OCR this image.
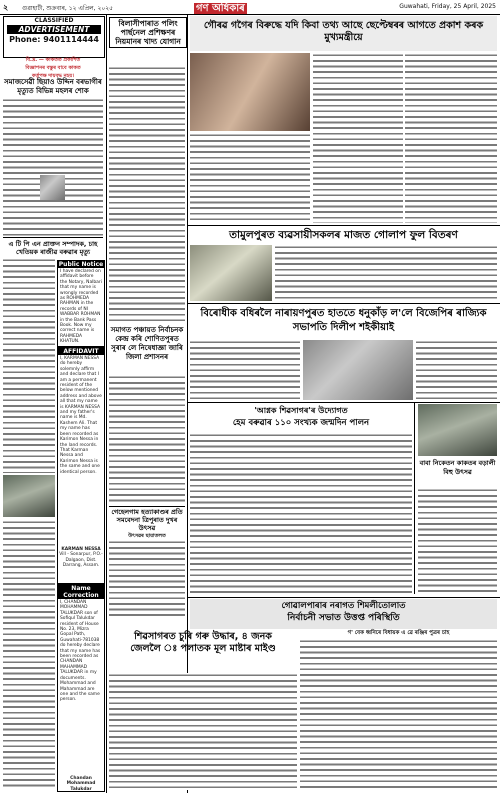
২ গুৱাহাটী, শুক্ৰবাৰ, ১২ এপ্ৰিল, ২০২৫	গণ অধিকাৰ	Guwahati, Friday, 25 April, 2025
CLASSIFIED
ADVERTISEMENT
Phone: 9401114444
বি.দ্ৰ. — কাকতত প্ৰকাশিত
বিজ্ঞাপনৰ বস্তুৰ বাবে কাকত
কৰ্তৃপক্ষ দায়বদ্ধ নহয়।
সমাজসেৱী ছিয়াও উদ্দিন বৰভাগীৰ মৃত্যুত বিভিন্ন মহলৰ শোক
এ টি পি এন প্ৰাক্তন সম্পাদক, চাহ খেতিয়ক ৰাজীৱ বৰুৱাৰ মৃত্যু
Public Notice
I have declared on affidavit before the Notary, Nalbari that my name is wrongly recorded as ROHMEDA RAHMAN in the records of NI WABBAR ROHMAN in the Bank Pass Book. Now my correct name is RAHMEDA KHATUN.
AFFIDAVIT
I, KARMAN NESSA do hereby solemnly affirm and declare that I am a permanent resident of the below mentioned address and above all that my name is KARMAN NESSA and my father's name is Md. Kashem Ali. That my name has been recorded as Karimon Nessa in the land records. That Karman Nessa and Karimon Nessa is the same and one identical person.
KARMAN NESSA
Vill - Sonarpur, P.O.- Dalgaon, Dist. Darrang, Assam.
Name Correction
I, CHANDAN MOHAMMAD TALUKDAR son of Sofiqul Talukdar resident of House No. 23, Mizra Gopal Path, Guwahati-781038 do hereby declare that my name has been recorded as CHANDAN MAHAMMAD TALUKDAR in my documents. Mohammad and Mahammad are one and the same person.
Chandan Mohammad Talukdar
বিলাসীপাৰাত পলিং পাৰ্ছনেল প্ৰশিক্ষণৰ নিয়মানৰ খাদ্য যোগান
সমাগত পঞ্চায়ত নিৰ্বাচনক কেন্দ্ৰ কৰি শোণিতপুৰত সুৰাৰ লে নিষেধাজ্ঞা জাৰি জিলা প্ৰশাসনৰ
গেহেলগাম হত্যাকাণ্ডৰ প্ৰতি সমবেদনা ত্ৰিপুৰাত দুখৰ উৎসৱ
উৎসৱৰ ছায়াতলত
গৌৰৱ গগৈৰ বিৰুদ্ধে যদি কিবা তথ্য আছে ছেপ্টেম্বৰৰ আগতে প্ৰকাশ কৰক মুখ্যমন্ত্ৰীয়ে
তামুলপুৰত ব্যৱসায়ীসকলৰ মাজত গোলাপ ফুল বিতৰণ
বিৰোধীক বধিৰলৈ নাৰায়ণপুৰত হাততে ধনুকাঁড় ল'লে বিজেপিৰ ৰাজ্যিক সভাপতি দিলীপ শইকীয়াই
'আগ্নক শিৱসাগৰ'ৰ উদ্যোগত
হেম বৰুৱাৰ ১১০ সংখ্যক জন্মদিন পালন
বাবা নিকেতন কাকতৰ বড়ালী বিহু উৎসৱ
গোৱালপাৰাৰ নৰাগত শিমলীতোলাত
নিৰ্বাচনী সভাত উত্তপ্ত পৰিস্থিতি
গ' বেক ধ্বনিৰে বিধায়ক এ ৱে ৰঞ্জিৰ পুত্ৰৰ চাহ
শিৱসাগৰত চুৰি গৰু উদ্ধাৰ, ৪ জনক
জেললৈ ঃ পলাতক মূল মাষ্টাৰ মাইণ্ড
